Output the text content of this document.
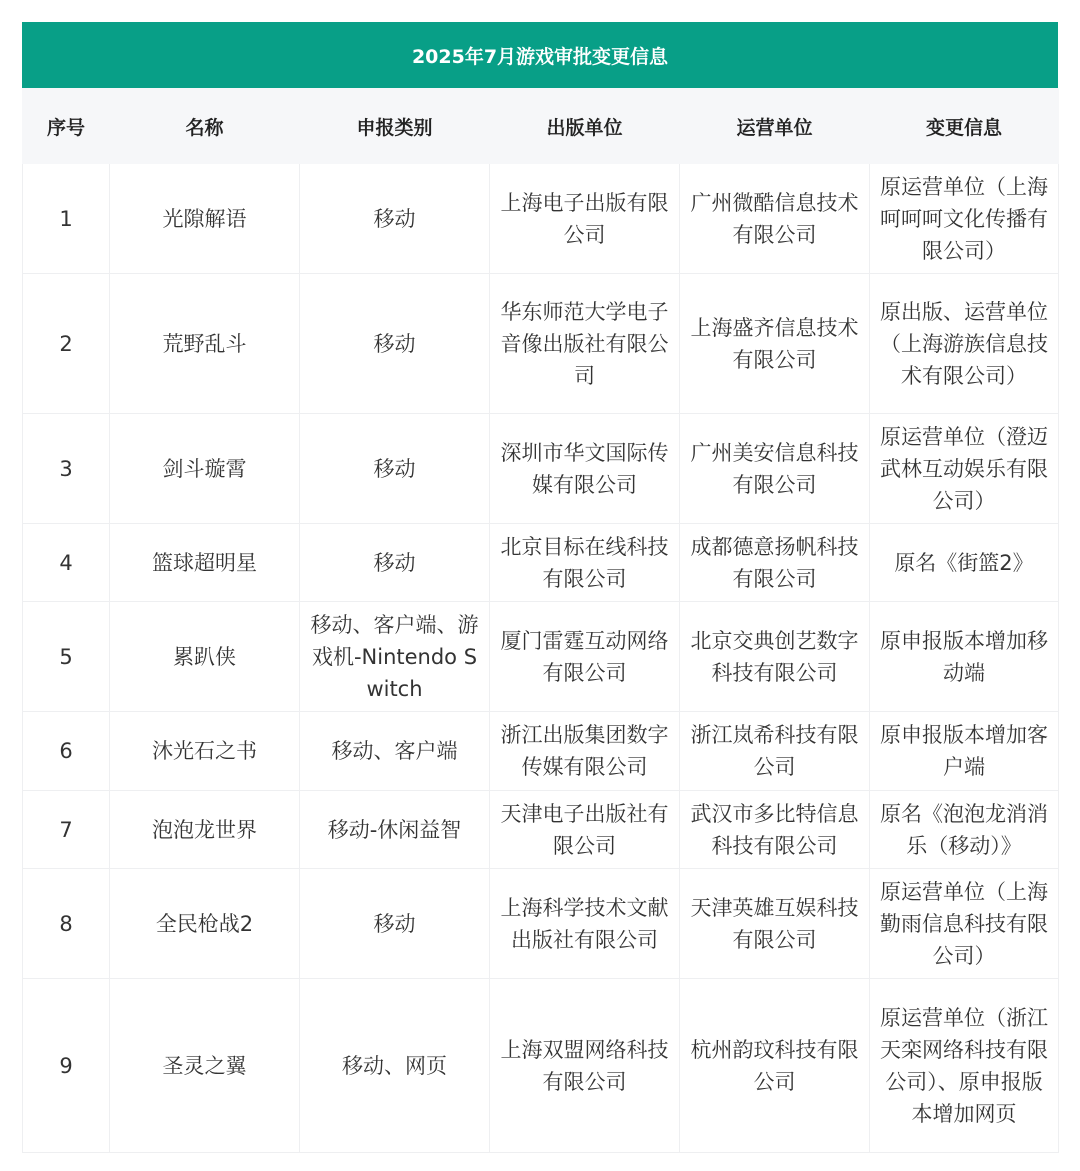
2025年7月游戏审批变更信息
序号	名称	申报类别	出版单位	运营单位	变更信息
1	光隙解语	移动	上海电子出版有限公司	广州微酷信息技术有限公司	原运营单位（上海呵呵呵文化传播有限公司）
2	荒野乱斗	移动	华东师范大学电子音像出版社有限公司	上海盛齐信息技术有限公司	原出版、运营单位（上海游族信息技术有限公司）
3	剑斗璇霄	移动	深圳市华文国际传媒有限公司	广州美安信息科技有限公司	原运营单位（澄迈武林互动娱乐有限公司）
4	篮球超明星	移动	北京目标在线科技有限公司	成都德意扬帆科技有限公司	原名《街篮2》
5	累趴侠	移动、客户端、游戏机-Nintendo Switch	厦门雷霆互动网络有限公司	北京交典创艺数字科技有限公司	原申报版本增加移动端
6	沐光石之书	移动、客户端	浙江出版集团数字传媒有限公司	浙江岚希科技有限公司	原申报版本增加客户端
7	泡泡龙世界	移动-休闲益智	天津电子出版社有限公司	武汉市多比特信息科技有限公司	原名《泡泡龙消消乐（移动）》
8	全民枪战2	移动	上海科学技术文献出版社有限公司	天津英雄互娱科技有限公司	原运营单位（上海勤雨信息科技有限公司）
9	圣灵之翼	移动、网页	上海双盟网络科技有限公司	杭州韵玟科技有限公司	原运营单位（浙江天栾网络科技有限公司）、原申报版本增加网页
